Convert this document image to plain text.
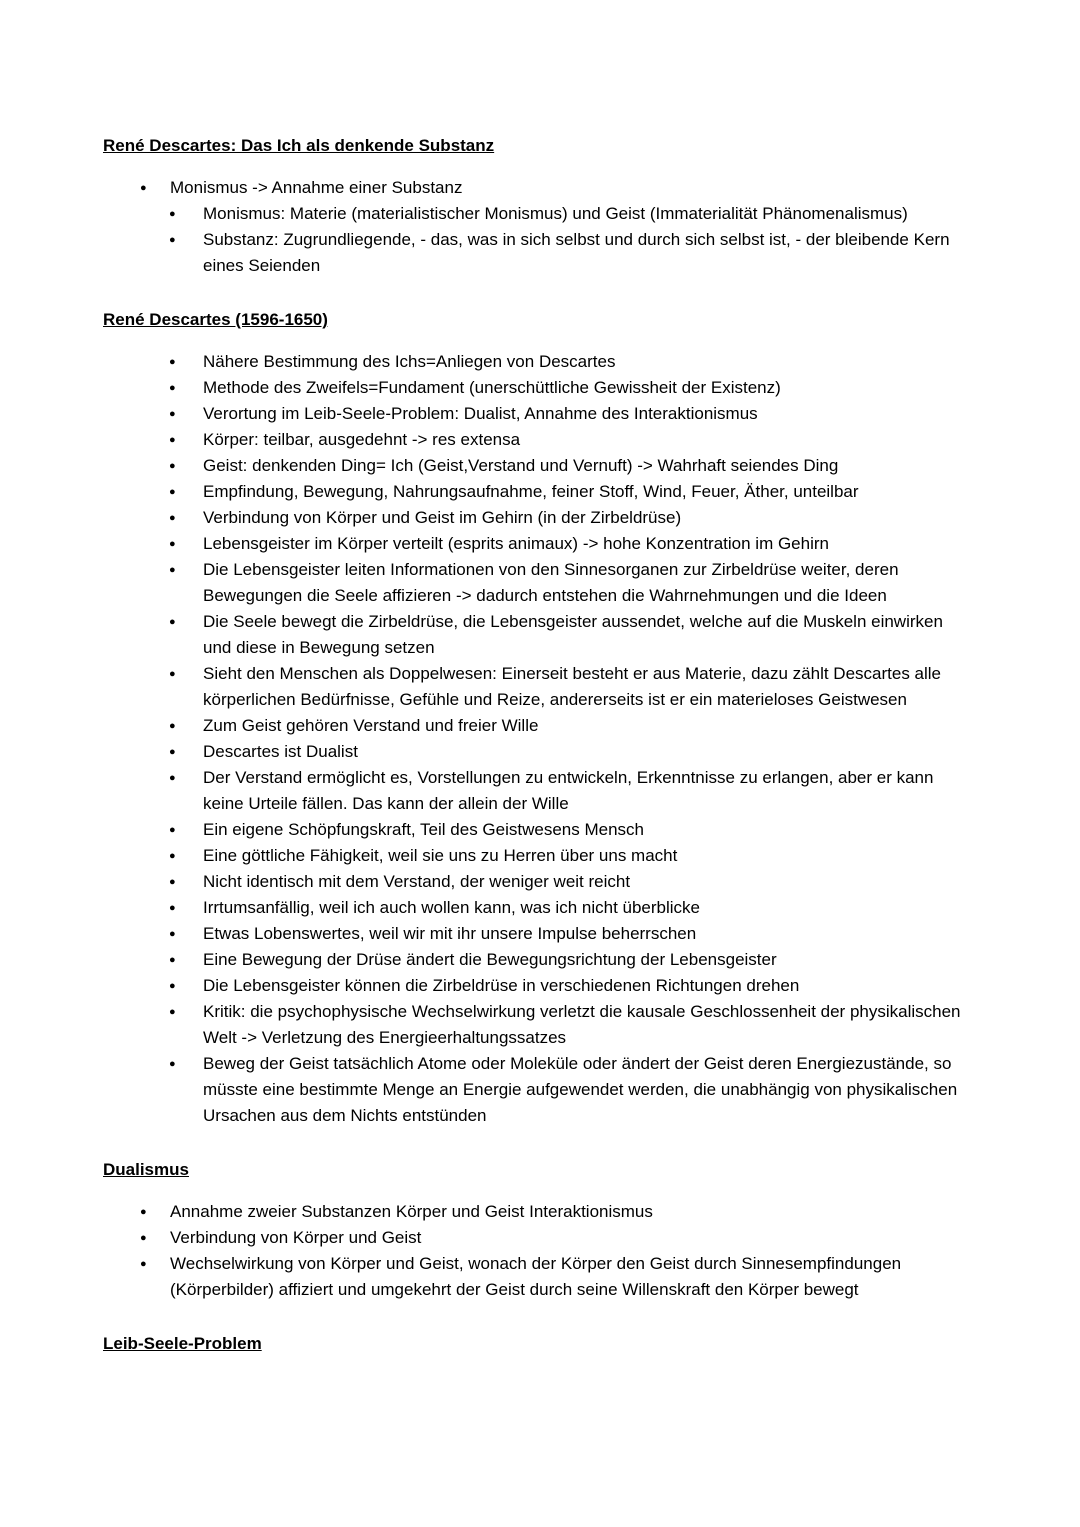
René Descartes: Das Ich als denkende Substanz
● Monismus -> Annahme einer Substanz
● Monismus: Materie (materialistischer Monismus) und Geist (Immaterialität Phänomenalismus)
● Substanz: Zugrundliegende, - das, was in sich selbst und durch sich selbst ist, - der bleibende Kern eines Seienden
René Descartes (1596-1650)
● Nähere Bestimmung des Ichs=Anliegen von Descartes
● Methode des Zweifels=Fundament (unerschüttliche Gewissheit der Existenz)
● Verortung im Leib-Seele-Problem: Dualist, Annahme des Interaktionismus
● Körper: teilbar, ausgedehnt -> res extensa
● Geist: denkenden Ding= Ich (Geist,Verstand und Vernuft) -> Wahrhaft seiendes Ding
● Empfindung, Bewegung, Nahrungsaufnahme, feiner Stoff, Wind, Feuer, Äther, unteilbar
● Verbindung von Körper und Geist im Gehirn (in der Zirbeldrüse)
● Lebensgeister im Körper verteilt (esprits animaux) -> hohe Konzentration im Gehirn
● Die Lebensgeister leiten Informationen von den Sinnesorganen zur Zirbeldrüse weiter, deren Bewegungen die Seele affizieren -> dadurch entstehen die Wahrnehmungen und die Ideen
● Die Seele bewegt die Zirbeldrüse, die Lebensgeister aussendet, welche auf die Muskeln einwirken und diese in Bewegung setzen
● Sieht den Menschen als Doppelwesen: Einerseit besteht er aus Materie, dazu zählt Descartes alle körperlichen Bedürfnisse, Gefühle und Reize, andererseits ist er ein materieloses Geistwesen
● Zum Geist gehören Verstand und freier Wille
● Descartes ist Dualist
● Der Verstand ermöglicht es, Vorstellungen zu entwickeln, Erkenntnisse zu erlangen, aber er kann keine Urteile fällen. Das kann der allein der Wille
● Ein eigene Schöpfungskraft, Teil des Geistwesens Mensch
● Eine göttliche Fähigkeit, weil sie uns zu Herren über uns macht
● Nicht identisch mit dem Verstand, der weniger weit reicht
● Irrtumsanfällig, weil ich auch wollen kann, was ich nicht überblicke
● Etwas Lobenswertes, weil wir mit ihr unsere Impulse beherrschen
● Eine Bewegung der Drüse ändert die Bewegungsrichtung der Lebensgeister
● Die Lebensgeister können die Zirbeldrüse in verschiedenen Richtungen drehen
● Kritik: die psychophysische Wechselwirkung verletzt die kausale Geschlossenheit der physikalischen Welt -> Verletzung des Energieerhaltungssatzes
● Beweg der Geist tatsächlich Atome oder Moleküle oder ändert der Geist deren Energiezustände, so müsste eine bestimmte Menge an Energie aufgewendet werden, die unabhängig von physikalischen Ursachen aus dem Nichts entstünden
Dualismus
● Annahme zweier Substanzen Körper und Geist Interaktionismus
● Verbindung von Körper und Geist
● Wechselwirkung von Körper und Geist, wonach der Körper den Geist durch Sinnesempfindungen (Körperbilder) affiziert und umgekehrt der Geist durch seine Willenskraft den Körper bewegt
Leib-Seele-Problem
